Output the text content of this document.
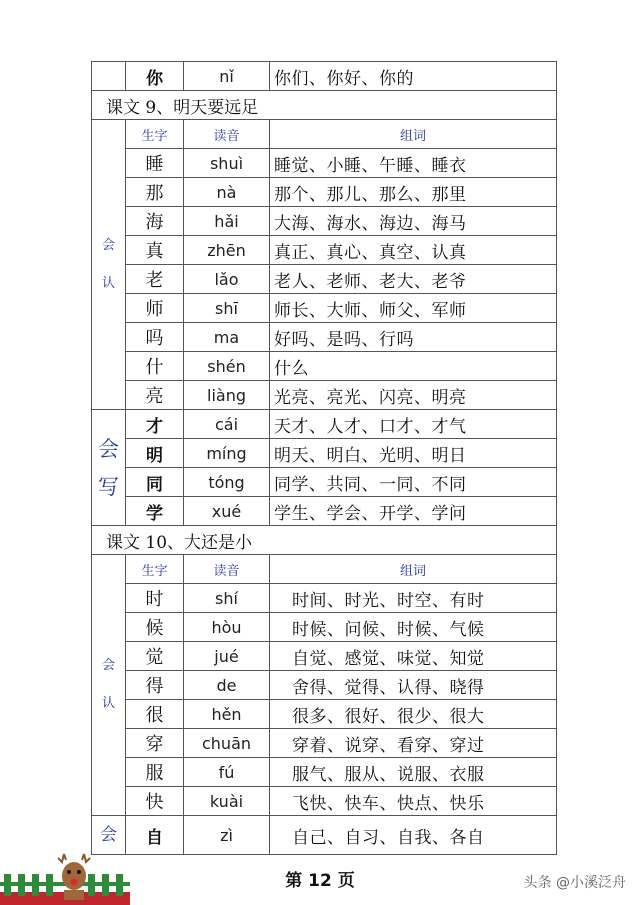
	你	nǐ	你们、你好、你的
课文 9、明天要远足			
会
认	生字	读音	组词
	睡	shuì	睡觉、小睡、午睡、睡衣
	那	nà	那个、那儿、那么、那里
	海	hǎi	大海、海水、海边、海马
	真	zhēn	真正、真心、真空、认真
	老	lǎo	老人、老师、老大、老爷
	师	shī	师长、大师、师父、军师
	吗	ma	好吗、是吗、行吗
	什	shén	什么
	亮	liàng	光亮、亮光、闪亮、明亮
会
写	才	cái	天才、人才、口才、才气
	明	míng	明天、明白、光明、明日
	同	tóng	同学、共同、一同、不同
	学	xué	学生、学会、开学、学问
课文 10、大还是小			
会
认	生字	读音	组词
	时	shí	时间、时光、时空、有时
	候	hòu	时候、问候、时候、气候
	觉	jué	自觉、感觉、味觉、知觉
	得	de	舍得、觉得、认得、晓得
	很	hěn	很多、很好、很少、很大
	穿	chuān	穿着、说穿、看穿、穿过
	服	fú	服气、服从、说服、衣服
	快	kuài	飞快、快车、快点、快乐
会	自	zì	自己、自习、自我、各自
第 12 页	头条 @小溪泛舟
